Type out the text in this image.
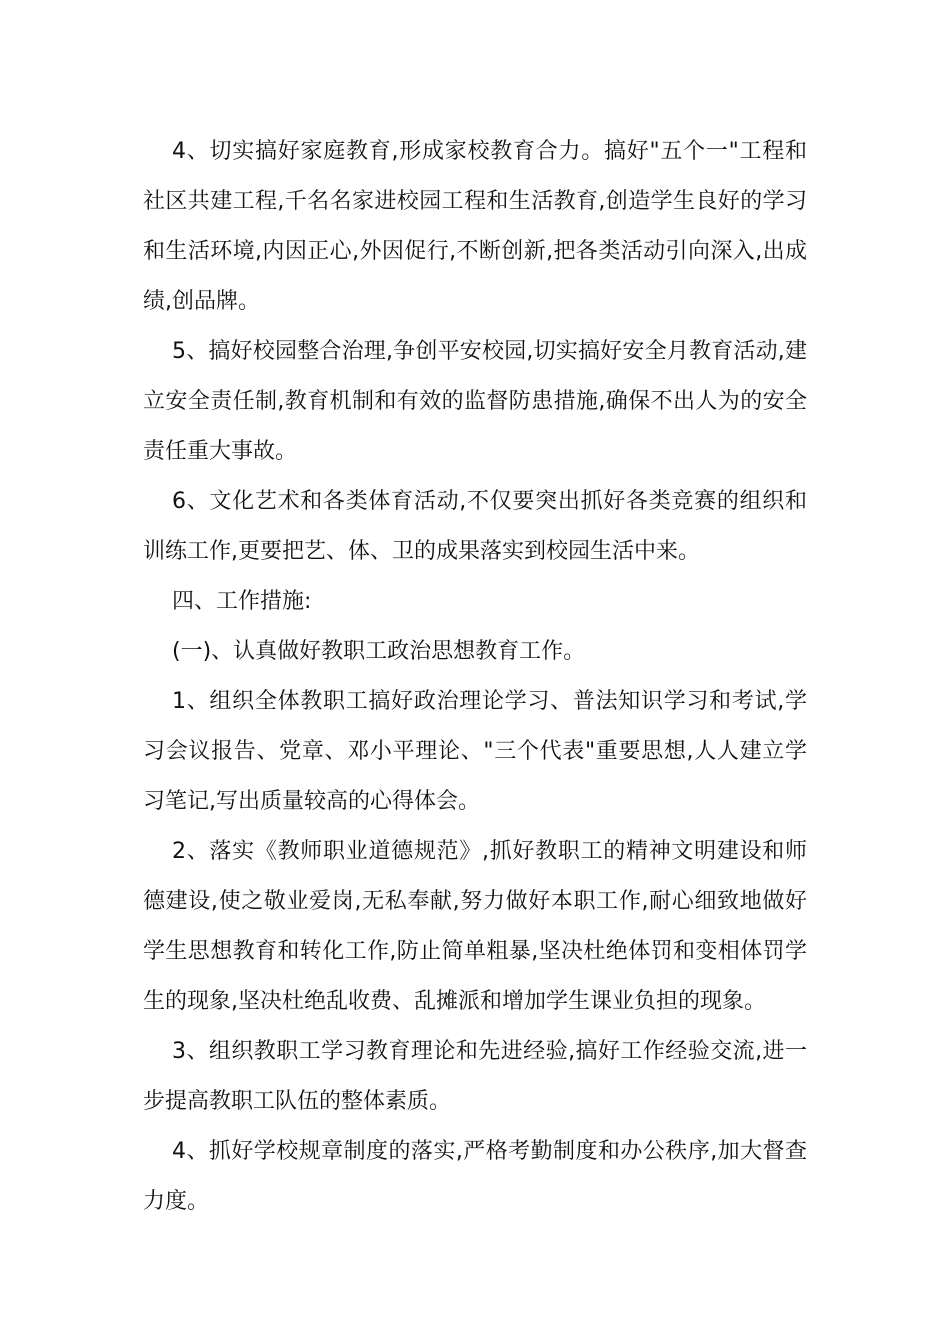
4、切实搞好家庭教育,形成家校教育合力。搞好"五个一"工程和社区共建工程,千名名家进校园工程和生活教育,创造学生良好的学习和生活环境,内因正心,外因促行,不断创新,把各类活动引向深入,出成绩,创品牌。

5、搞好校园整合治理,争创平安校园,切实搞好安全月教育活动,建立安全责任制,教育机制和有效的监督防患措施,确保不出人为的安全责任重大事故。

6、文化艺术和各类体育活动,不仅要突出抓好各类竞赛的组织和训练工作,更要把艺、体、卫的成果落实到校园生活中来。

四、工作措施:

(一)、认真做好教职工政治思想教育工作。

1、组织全体教职工搞好政治理论学习、普法知识学习和考试,学习会议报告、党章、邓小平理论、"三个代表"重要思想,人人建立学习笔记,写出质量较高的心得体会。

2、落实《教师职业道德规范》,抓好教职工的精神文明建设和师德建设,使之敬业爱岗,无私奉献,努力做好本职工作,耐心细致地做好学生思想教育和转化工作,防止简单粗暴,坚决杜绝体罚和变相体罚学生的现象,坚决杜绝乱收费、乱摊派和增加学生课业负担的现象。

3、组织教职工学习教育理论和先进经验,搞好工作经验交流,进一步提高教职工队伍的整体素质。

4、抓好学校规章制度的落实,严格考勤制度和办公秩序,加大督查力度。
